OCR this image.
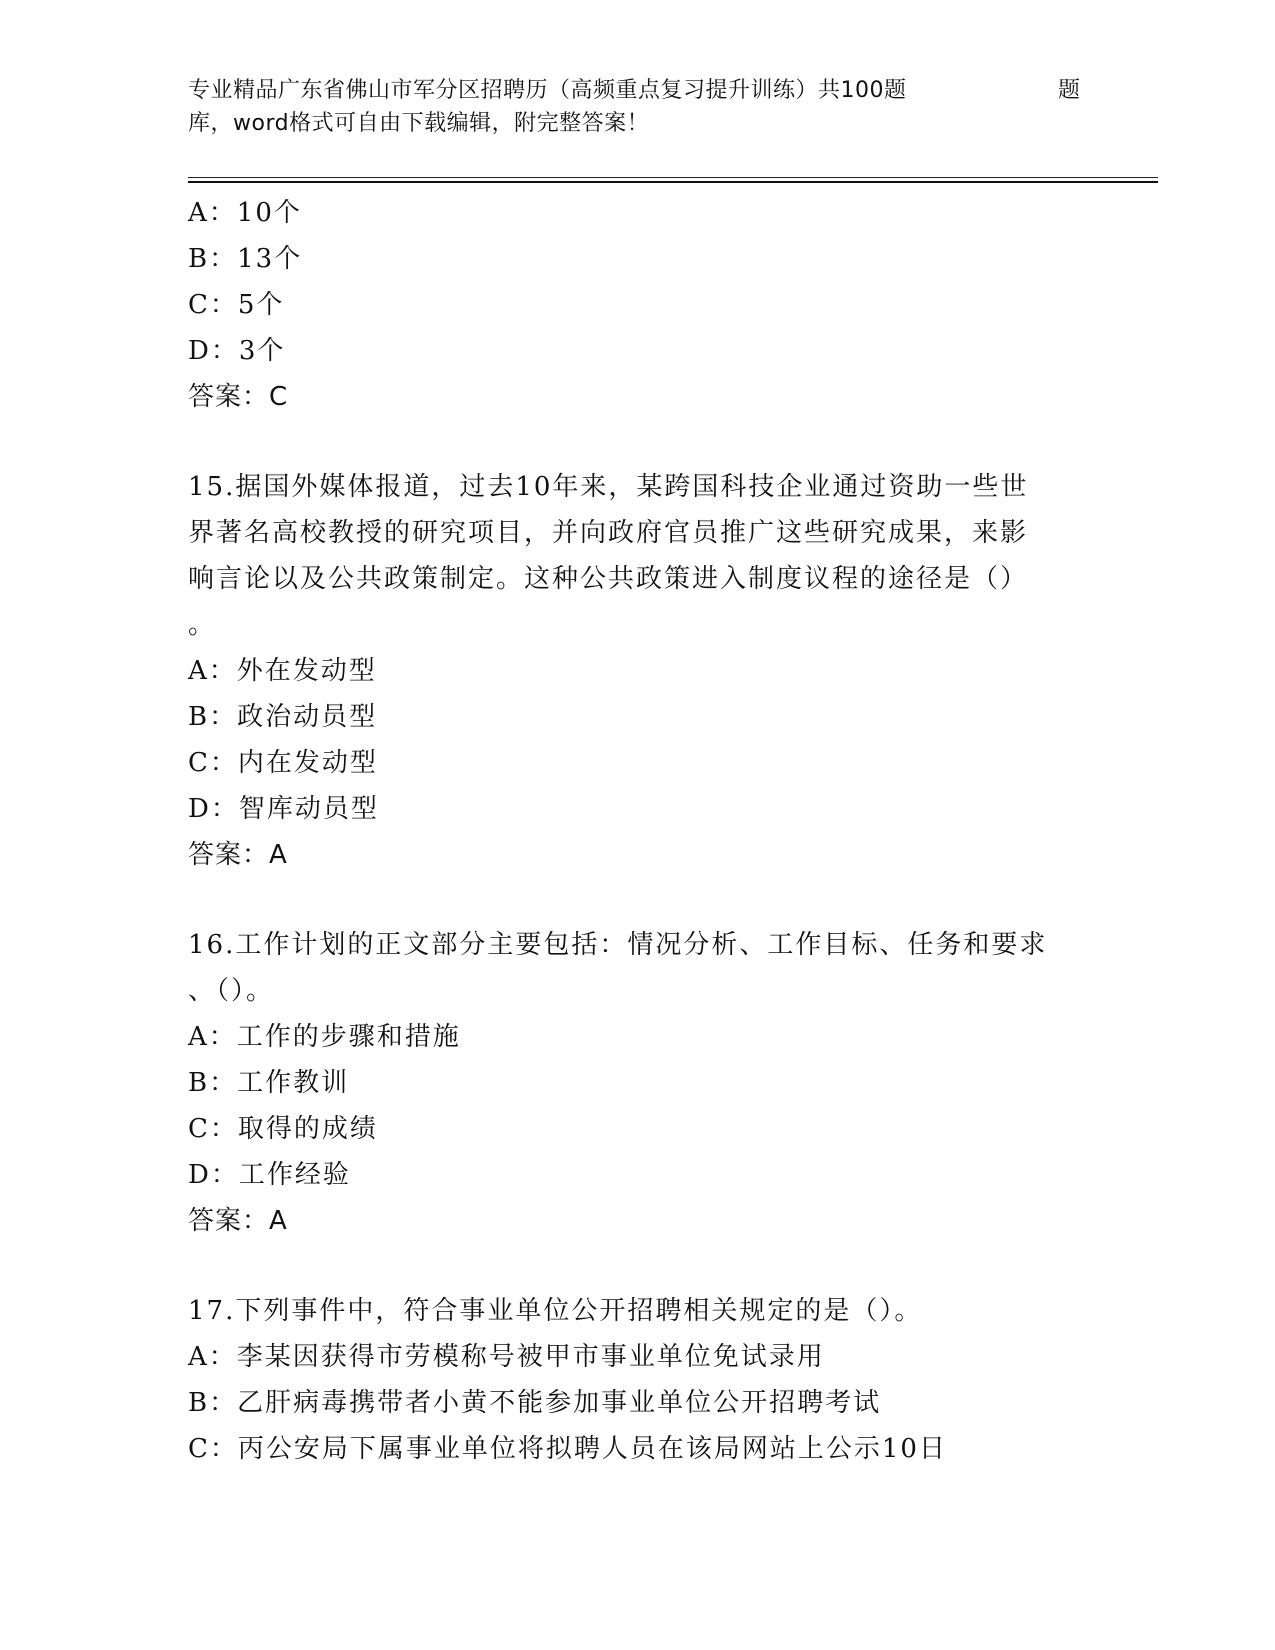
专业精品广东省佛山市军分区招聘历（高频重点复习提升训练）共100题	题
库，word格式可自由下载编辑，附完整答案！
A：10个
B：13个
C：5个
D：3个
答案：C
15.据国外媒体报道，过去10年来，某跨国科技企业通过资助一些世
界著名高校教授的研究项目，并向政府官员推广这些研究成果，来影
响言论以及公共政策制定。这种公共政策进入制度议程的途径是（）
。
A：外在发动型
B：政治动员型
C：内在发动型
D：智库动员型
答案：A
16.工作计划的正文部分主要包括：情况分析、工作目标、任务和要求
、（）。
A：工作的步骤和措施
B：工作教训
C：取得的成绩
D：工作经验
答案：A
17.下列事件中，符合事业单位公开招聘相关规定的是（）。
A：李某因获得市劳模称号被甲市事业单位免试录用
B：乙肝病毒携带者小黄不能参加事业单位公开招聘考试
C：丙公安局下属事业单位将拟聘人员在该局网站上公示10日
